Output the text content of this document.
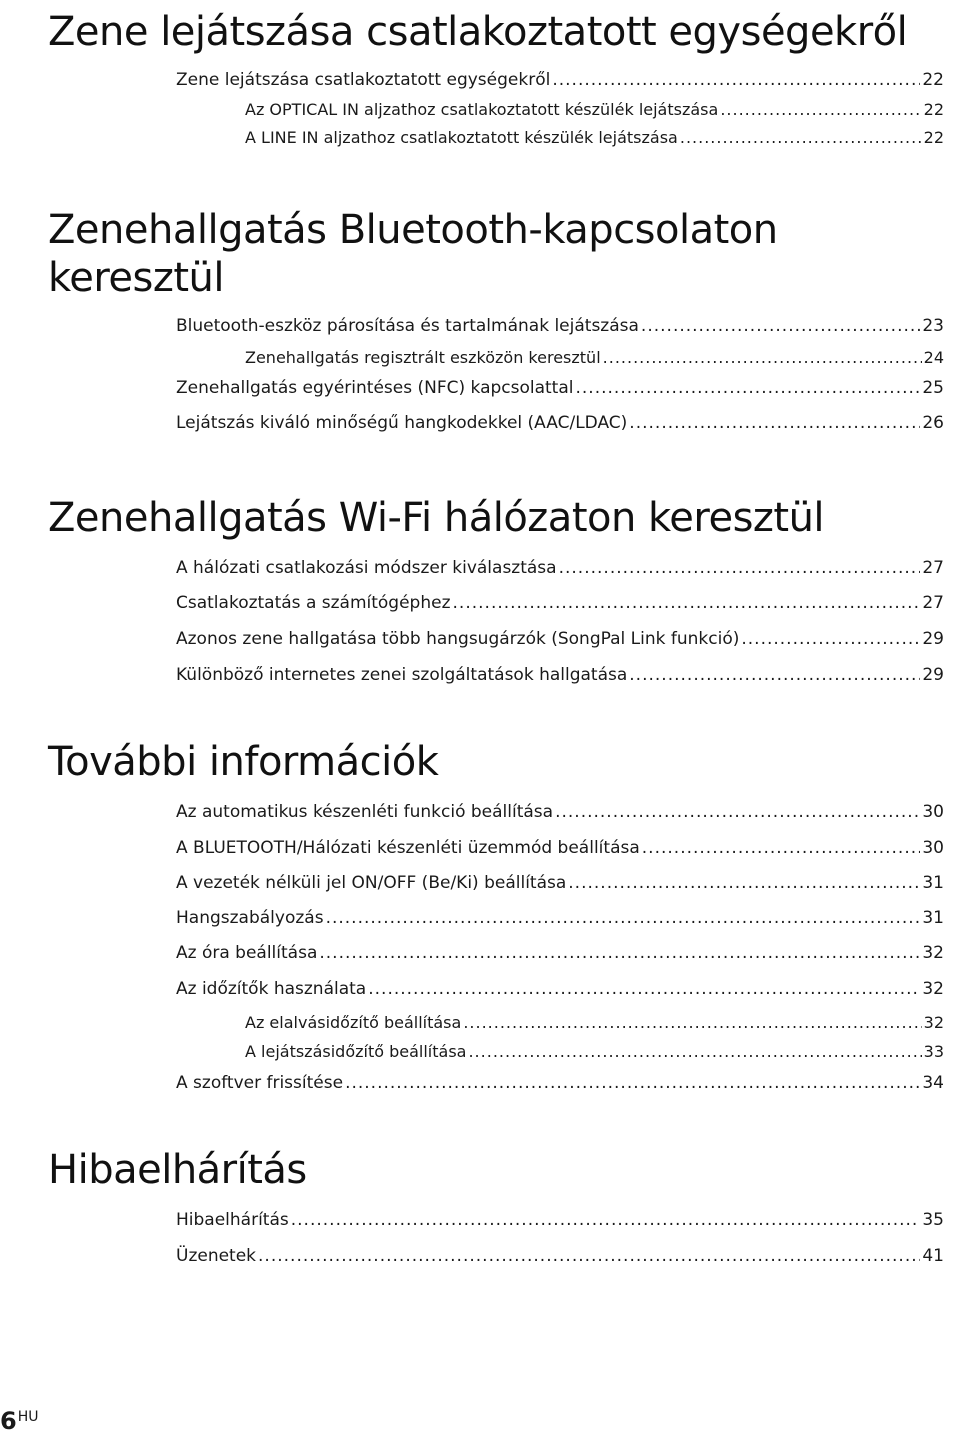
Zene lejátszása csatlakoztatott egységekről
Zene lejátszása csatlakoztatott egységekről .....	22
Az OPTICAL IN aljzathoz csatlakoztatott készülék lejátszása .....	22
A LINE IN aljzathoz csatlakoztatott készülék lejátszása .....	22
Zenehallgatás Bluetooth-kapcsolaton
keresztül
Bluetooth-eszköz párosítása és tartalmának lejátszása .....	23
Zenehallgatás regisztrált eszközön keresztül .....	24
Zenehallgatás egyérintéses (NFC) kapcsolattal .....	25
Lejátszás kiváló minőségű hangkodekkel (AAC/LDAC) .....	26
Zenehallgatás Wi-Fi hálózaton keresztül
A hálózati csatlakozási módszer kiválasztása .....	27
Csatlakoztatás a számítógéphez .....	27
Azonos zene hallgatása több hangsugárzók (SongPal Link funkció) .....	29
Különböző internetes zenei szolgáltatások hallgatása .....	29
További információk
Az automatikus készenléti funkció beállítása .....	30
A BLUETOOTH/Hálózati készenléti üzemmód beállítása .....	30
A vezeték nélküli jel ON/OFF (Be/Ki) beállítása .....	31
Hangszabályozás .....	31
Az óra beállítása .....	32
Az időzítők használata .....	32
Az elalvásidőzítő beállítása .....	32
A lejátszásidőzítő beállítása .....	33
A szoftver frissítése .....	34
Hibaelhárítás
Hibaelhárítás .....	35
Üzenetek .....	41
6HU
